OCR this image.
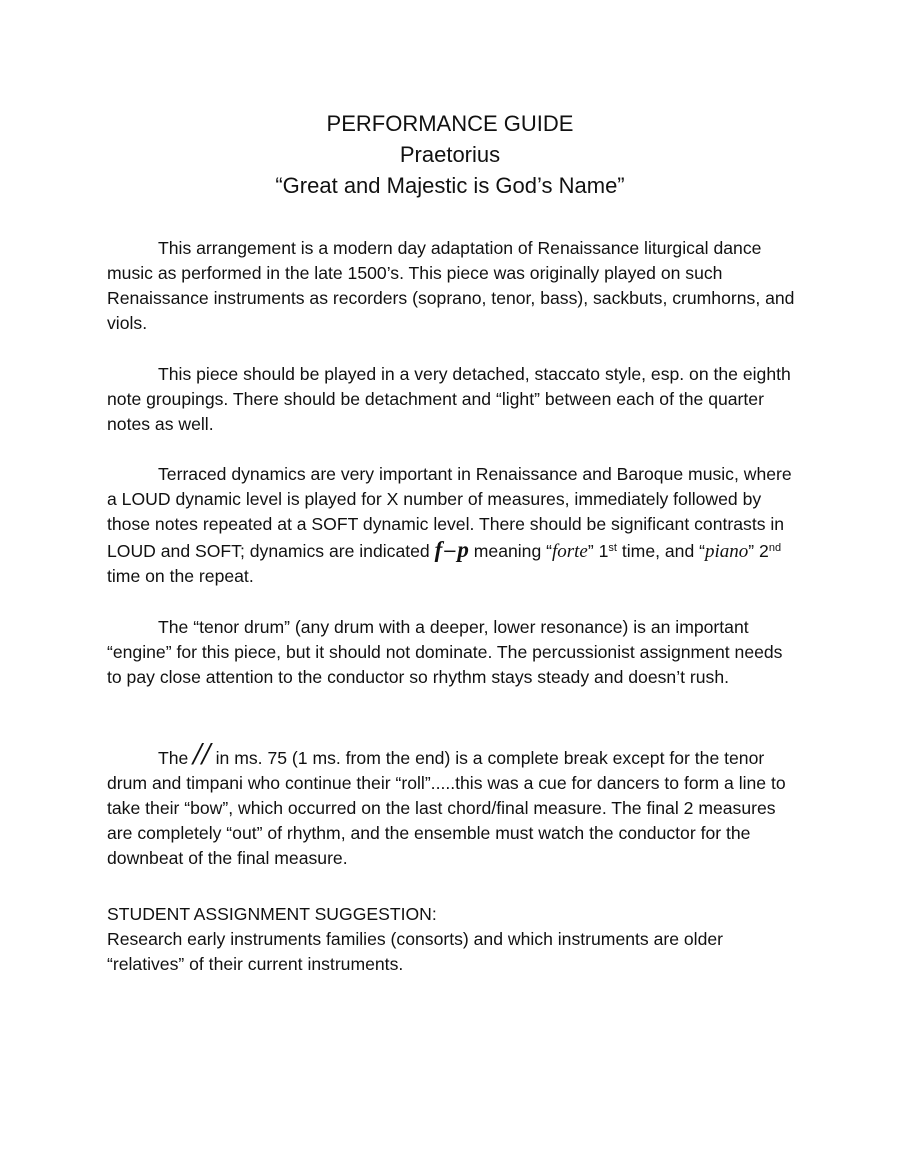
PERFORMANCE GUIDE
Praetorius
“Great and Majestic is God’s Name”
This arrangement is a modern day adaptation of Renaissance liturgical dance music as performed in the late 1500’s. This piece was originally played on such Renaissance instruments as recorders (soprano, tenor, bass), sackbuts, crumhorns, and viols.
This piece should be played in a very detached, staccato style, esp. on the eighth note groupings. There should be detachment and “light” between each of the quarter notes as well.
Terraced dynamics are very important in Renaissance and Baroque music, where a LOUD dynamic level is played for X number of measures, immediately followed by those notes repeated at a SOFT dynamic level. There should be significant contrasts in LOUD and SOFT; dynamics are indicated f−p meaning “forte” 1st time, and “piano” 2nd time on the repeat.
The “tenor drum” (any drum with a deeper, lower resonance) is an important “engine” for this piece, but it should not dominate. The percussionist assignment needs to pay close attention to the conductor so rhythm stays steady and doesn’t rush.
The // in ms. 75 (1 ms. from the end) is a complete break except for the tenor drum and timpani who continue their “roll”.....this was a cue for dancers to form a line to take their “bow”, which occurred on the last chord/final measure. The final 2 measures are completely “out” of rhythm, and the ensemble must watch the conductor for the downbeat of the final measure.
STUDENT ASSIGNMENT SUGGESTION:
Research early instruments families (consorts) and which instruments are older “relatives” of their current instruments.
